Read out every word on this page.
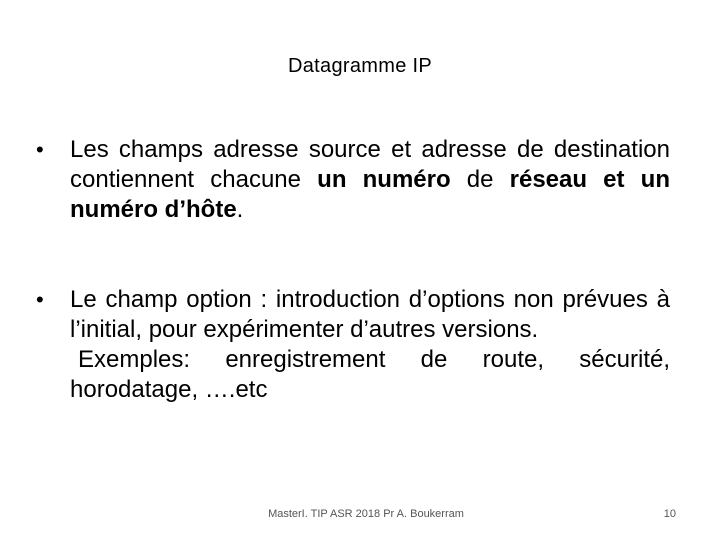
Datagramme IP
•	Les champs adresse source et adresse de destination contiennent chacune un numéro de réseau et un numéro d’hôte.
•	Le champ option : introduction d’options non prévues à l’initial, pour expérimenter d’autres versions.
Exemples: enregistrement de route, sécurité, horodatage, ….etc
MasterI. TIP ASR 2018 Pr A. Boukerram	10
